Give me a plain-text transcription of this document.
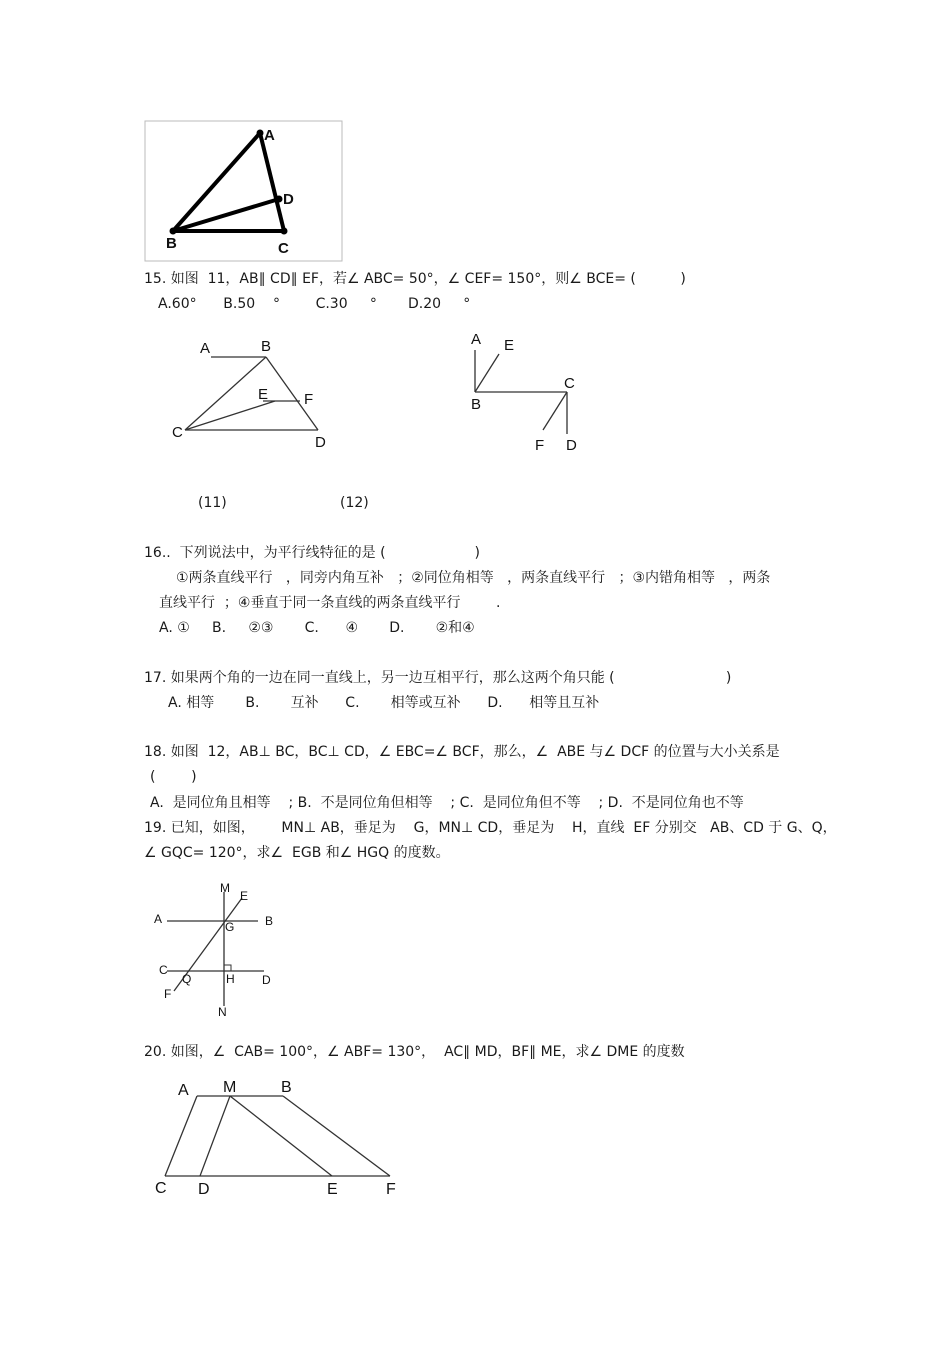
A
D
B	C
15. 如图  11，AB∥ CD∥ EF，若∠ ABC= 50°，∠ CEF= 150°，则∠ BCE= (          )
A.60°      B.50    °        C.30     °       D.20     °
A	B
E F
C
D
A E
C
B
F D
(11)	(12)
16..  下列说法中，为平行线特征的是 (                    )
①两条直线平行   ，同旁内角互补   ；②同位角相等   ，两条直线平行   ；③内错角相等   ，两条
直线平行  ；④垂直于同一条直线的两条直线平行        .
A. ①     B.     ②③       C.      ④       D.       ②和④
17. 如果两个角的一边在同一直线上，另一边互相平行，那么这两个角只能 (                         )
A. 相等       B.       互补      C.       相等或互补      D.      相等且互补
18. 如图  12，AB⊥ BC，BC⊥ CD，∠ EBC=∠ BCF，那么，∠  ABE 与∠ DCF 的位置与大小关系是
(        )
A.  是同位角且相等    ; B.  不是同位角但相等    ; C.  是同位角但不等    ; D.  不是同位角也不等
19. 已知，如图，      MN⊥ AB，垂足为    G，MN⊥ CD，垂足为    H，直线  EF 分别交   AB、CD 于 G、Q，
∠ GQC= 120°，求∠  EGB 和∠ HGQ 的度数。
M
E
A
G	B
C
Q	H D
F
N
20. 如图，∠  CAB= 100°，∠ ABF= 130°，  AC∥ MD，BF∥ ME，求∠ DME 的度数
A M	B
C D	E	F
